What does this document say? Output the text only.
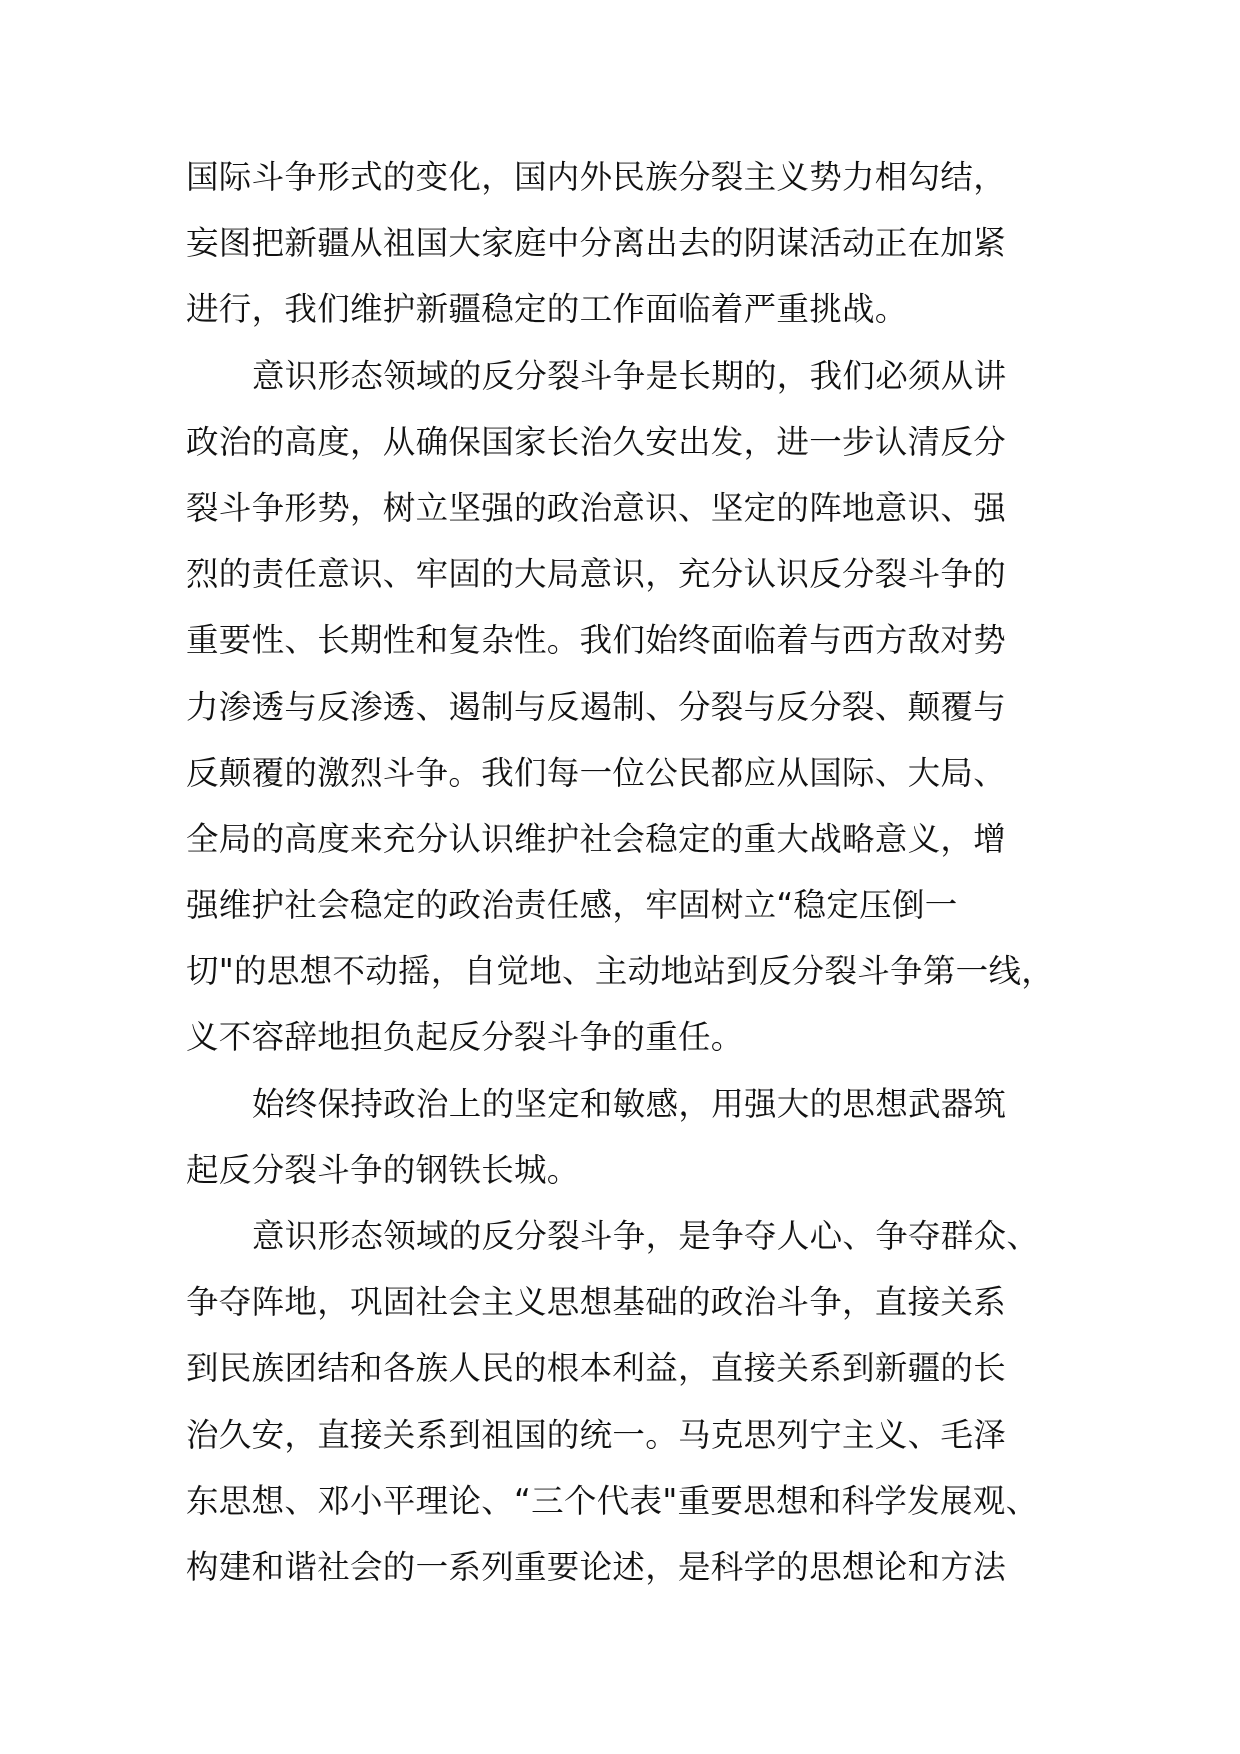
国际斗争形式的变化，国内外民族分裂主义势力相勾结，
妄图把新疆从祖国大家庭中分离出去的阴谋活动正在加紧
进行，我们维护新疆稳定的工作面临着严重挑战。
意识形态领域的反分裂斗争是长期的，我们必须从讲
政治的高度，从确保国家长治久安出发，进一步认清反分
裂斗争形势，树立坚强的政治意识、坚定的阵地意识、强
烈的责任意识、牢固的大局意识，充分认识反分裂斗争的
重要性、长期性和复杂性。我们始终面临着与西方敌对势
力渗透与反渗透、遏制与反遏制、分裂与反分裂、颠覆与
反颠覆的激烈斗争。我们每一位公民都应从国际、大局、
全局的高度来充分认识维护社会稳定的重大战略意义，增
强维护社会稳定的政治责任感，牢固树立“稳定压倒一
切"的思想不动摇，自觉地、主动地站到反分裂斗争第一线，
义不容辞地担负起反分裂斗争的重任。
始终保持政治上的坚定和敏感，用强大的思想武器筑
起反分裂斗争的钢铁长城。
意识形态领域的反分裂斗争，是争夺人心、争夺群众、
争夺阵地，巩固社会主义思想基础的政治斗争，直接关系
到民族团结和各族人民的根本利益，直接关系到新疆的长
治久安，直接关系到祖国的统一。马克思列宁主义、毛泽
东思想、邓小平理论、“三个代表"重要思想和科学发展观、
构建和谐社会的一系列重要论述，是科学的思想论和方法
